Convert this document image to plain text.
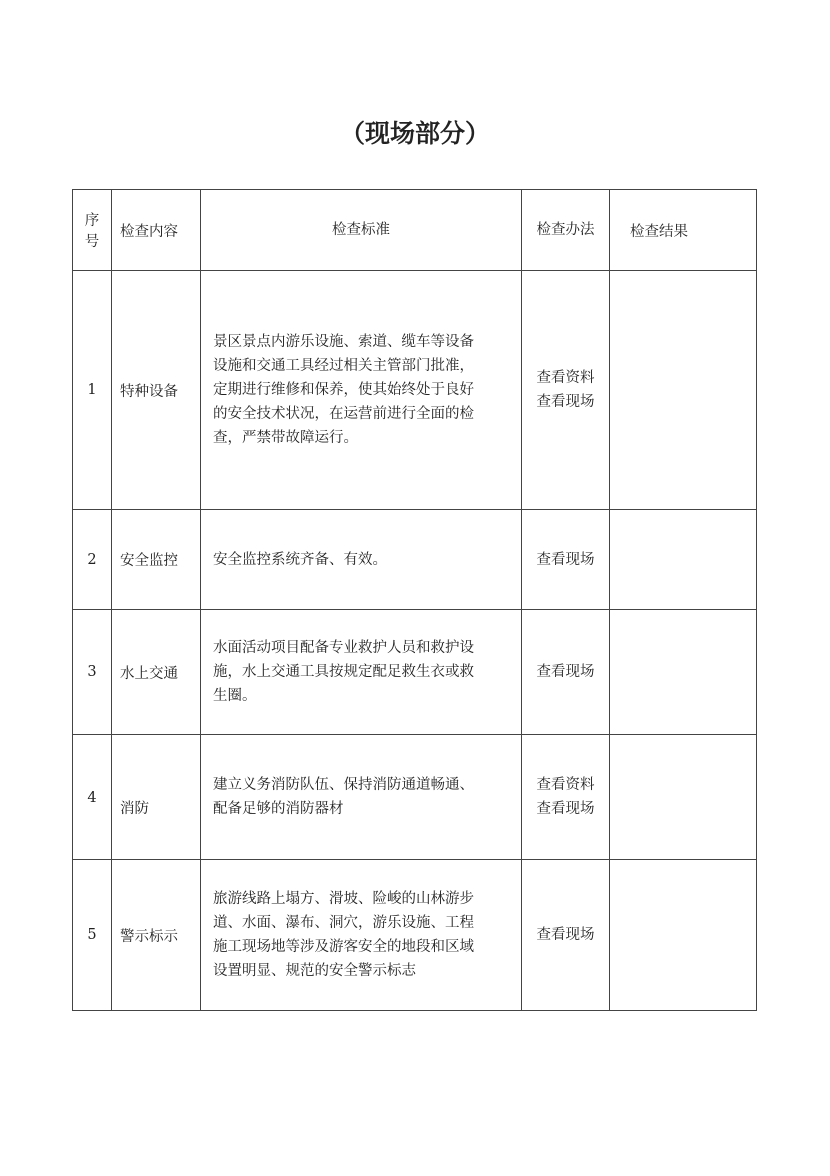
（现场部分）
序
号	检查内容	检查标准	检查办法	检查结果
1	特种设备	景区景点内游乐设施、索道、缆车等设备
设施和交通工具经过相关主管部门批准，
定期进行维修和保养，使其始终处于良好
的安全技术状况，在运营前进行全面的检
查，严禁带故障运行。	查看资料
查看现场	

2	安全监控	安全监控系统齐备、有效。	查看现场	

3	水上交通	水面活动项目配备专业救护人员和救护设
施，水上交通工具按规定配足救生衣或救
生圈。	查看现场	

4	消防	建立义务消防队伍、保持消防通道畅通、
配备足够的消防器材	查看资料
查看现场	

5	警示标示	旅游线路上塌方、滑坡、险峻的山林游步
道、水面、瀑布、洞穴，游乐设施、工程
施工现场地等涉及游客安全的地段和区域
设置明显、规范的安全警示标志	查看现场	
